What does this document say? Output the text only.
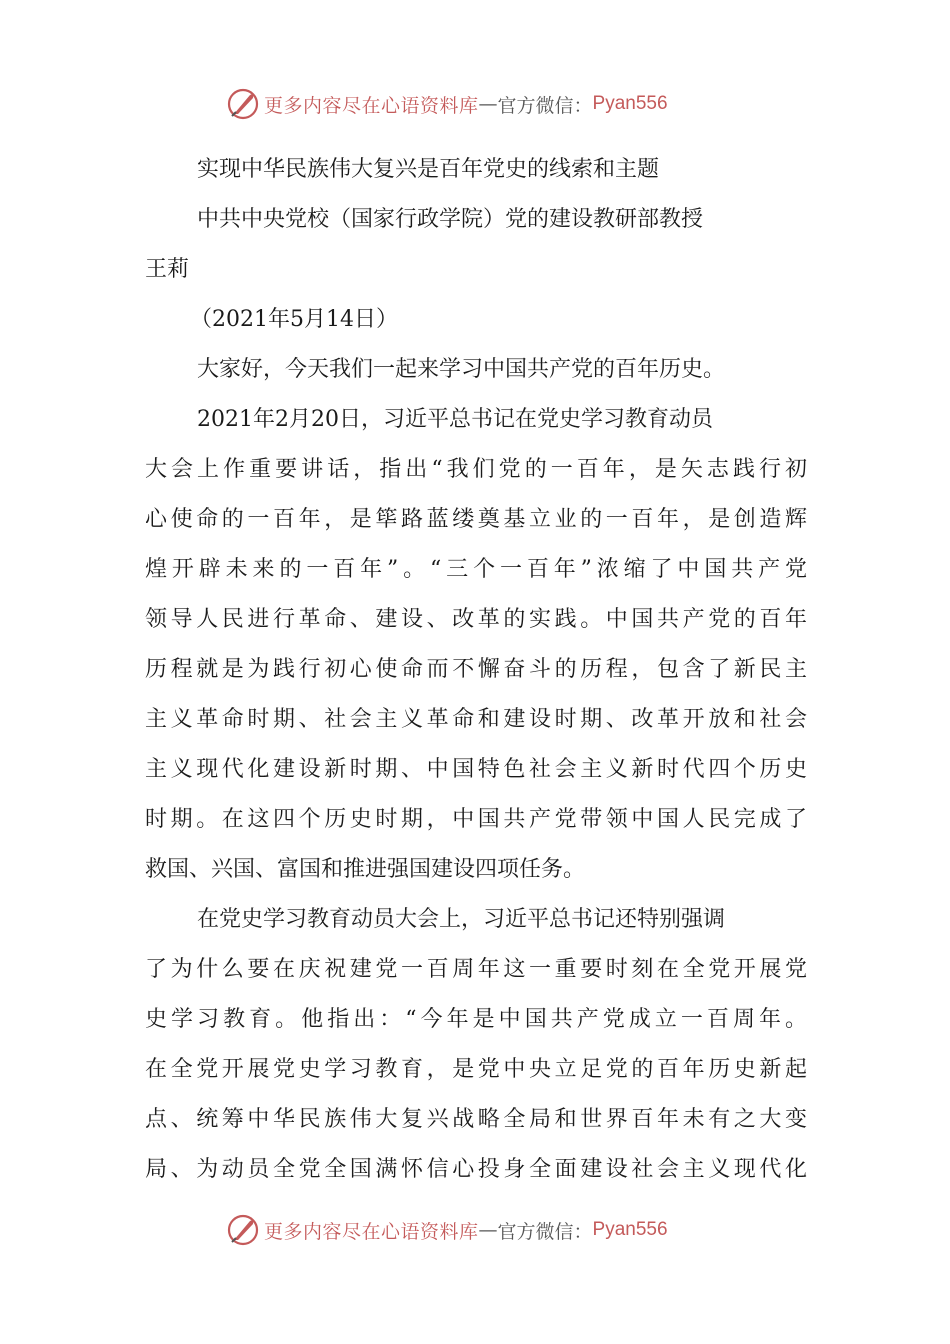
更多内容尽在心语资料库 — 官方微信： Pyan556
实现中华民族伟大复兴是百年党史的线索和主题
中共中央党校（国家行政学院）党的建设教研部教授
王莉
（2021年5月14日）
大家好，今天我们一起来学习中国共产党的百年历史。
2021年2月20日，习近平总书记在党史学习教育动员
大会上作重要讲话，指出“我们党的一百年，是矢志践行初
心使命的一百年，是筚路蓝缕奠基立业的一百年，是创造辉
煌开辟未来的一百年”。“三个一百年”浓缩了中国共产党
领导人民进行革命、建设、改革的实践。中国共产党的百年
历程就是为践行初心使命而不懈奋斗的历程，包含了新民主
主义革命时期、社会主义革命和建设时期、改革开放和社会
主义现代化建设新时期、中国特色社会主义新时代四个历史
时期。在这四个历史时期，中国共产党带领中国人民完成了
救国、兴国、富国和推进强国建设四项任务。
在党史学习教育动员大会上，习近平总书记还特别强调
了为什么要在庆祝建党一百周年这一重要时刻在全党开展党
史学习教育。他指出：“今年是中国共产党成立一百周年。
在全党开展党史学习教育，是党中央立足党的百年历史新起
点、统筹中华民族伟大复兴战略全局和世界百年未有之大变
局、为动员全党全国满怀信心投身全面建设社会主义现代化
更多内容尽在心语资料库 — 官方微信： Pyan556
